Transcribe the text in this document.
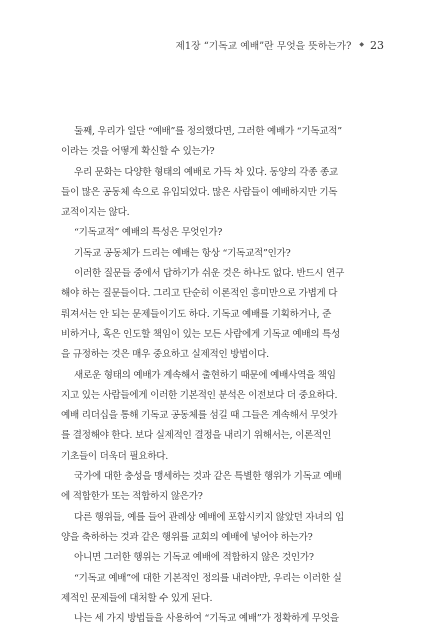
제1장 “기독교 예배”란 무엇을 뜻하는가? ◆ 23
둘째, 우리가 일단 “예배”를 정의했다면, 그러한 예배가 “기독교적”
이라는 것을 어떻게 확신할 수 있는가?
우리 문화는 다양한 형태의 예배로 가득 차 있다. 동양의 각종 종교
들이 많은 공동체 속으로 유입되었다. 많은 사람들이 예배하지만 기독
교적이지는 않다.
“기독교적” 예배의 특성은 무엇인가?
기독교 공동체가 드리는 예배는 항상 “기독교적”인가?
이러한 질문들 중에서 답하기가 쉬운 것은 하나도 없다. 반드시 연구
해야 하는 질문들이다. 그리고 단순히 이론적인 흥미만으로 가볍게 다
뤄져서는 안 되는 문제들이기도 하다. 기독교 예배를 기획하거나, 준
비하거나, 혹은 인도할 책임이 있는 모든 사람에게 기독교 예배의 특성
을 규정하는 것은 매우 중요하고 실제적인 방법이다.
새로운 형태의 예배가 계속해서 출현하기 때문에 예배사역을 책임
지고 있는 사람들에게 이러한 기본적인 분석은 이전보다 더 중요하다.
예배 리더십을 통해 기독교 공동체를 섬길 때 그들은 계속해서 무엇가
를 결정해야 한다. 보다 실제적인 결정을 내리기 위해서는, 이론적인
기초들이 더욱더 필요하다.
국가에 대한 충성을 맹세하는 것과 같은 특별한 행위가 기독교 예배
에 적합한가 또는 적합하지 않은가?
다른 행위들, 예를 들어 관례상 예배에 포함시키지 않았던 자녀의 입
양을 축하하는 것과 같은 행위를 교회의 예배에 넣어야 하는가?
아니면 그러한 행위는 기독교 예배에 적합하지 않은 것인가?
“기독교 예배”에 대한 기본적인 정의를 내려야만, 우리는 이러한 실
제적인 문제들에 대처할 수 있게 된다.
나는 세 가지 방법들을 사용하여 “기독교 예배”가 정확하게 무엇을
